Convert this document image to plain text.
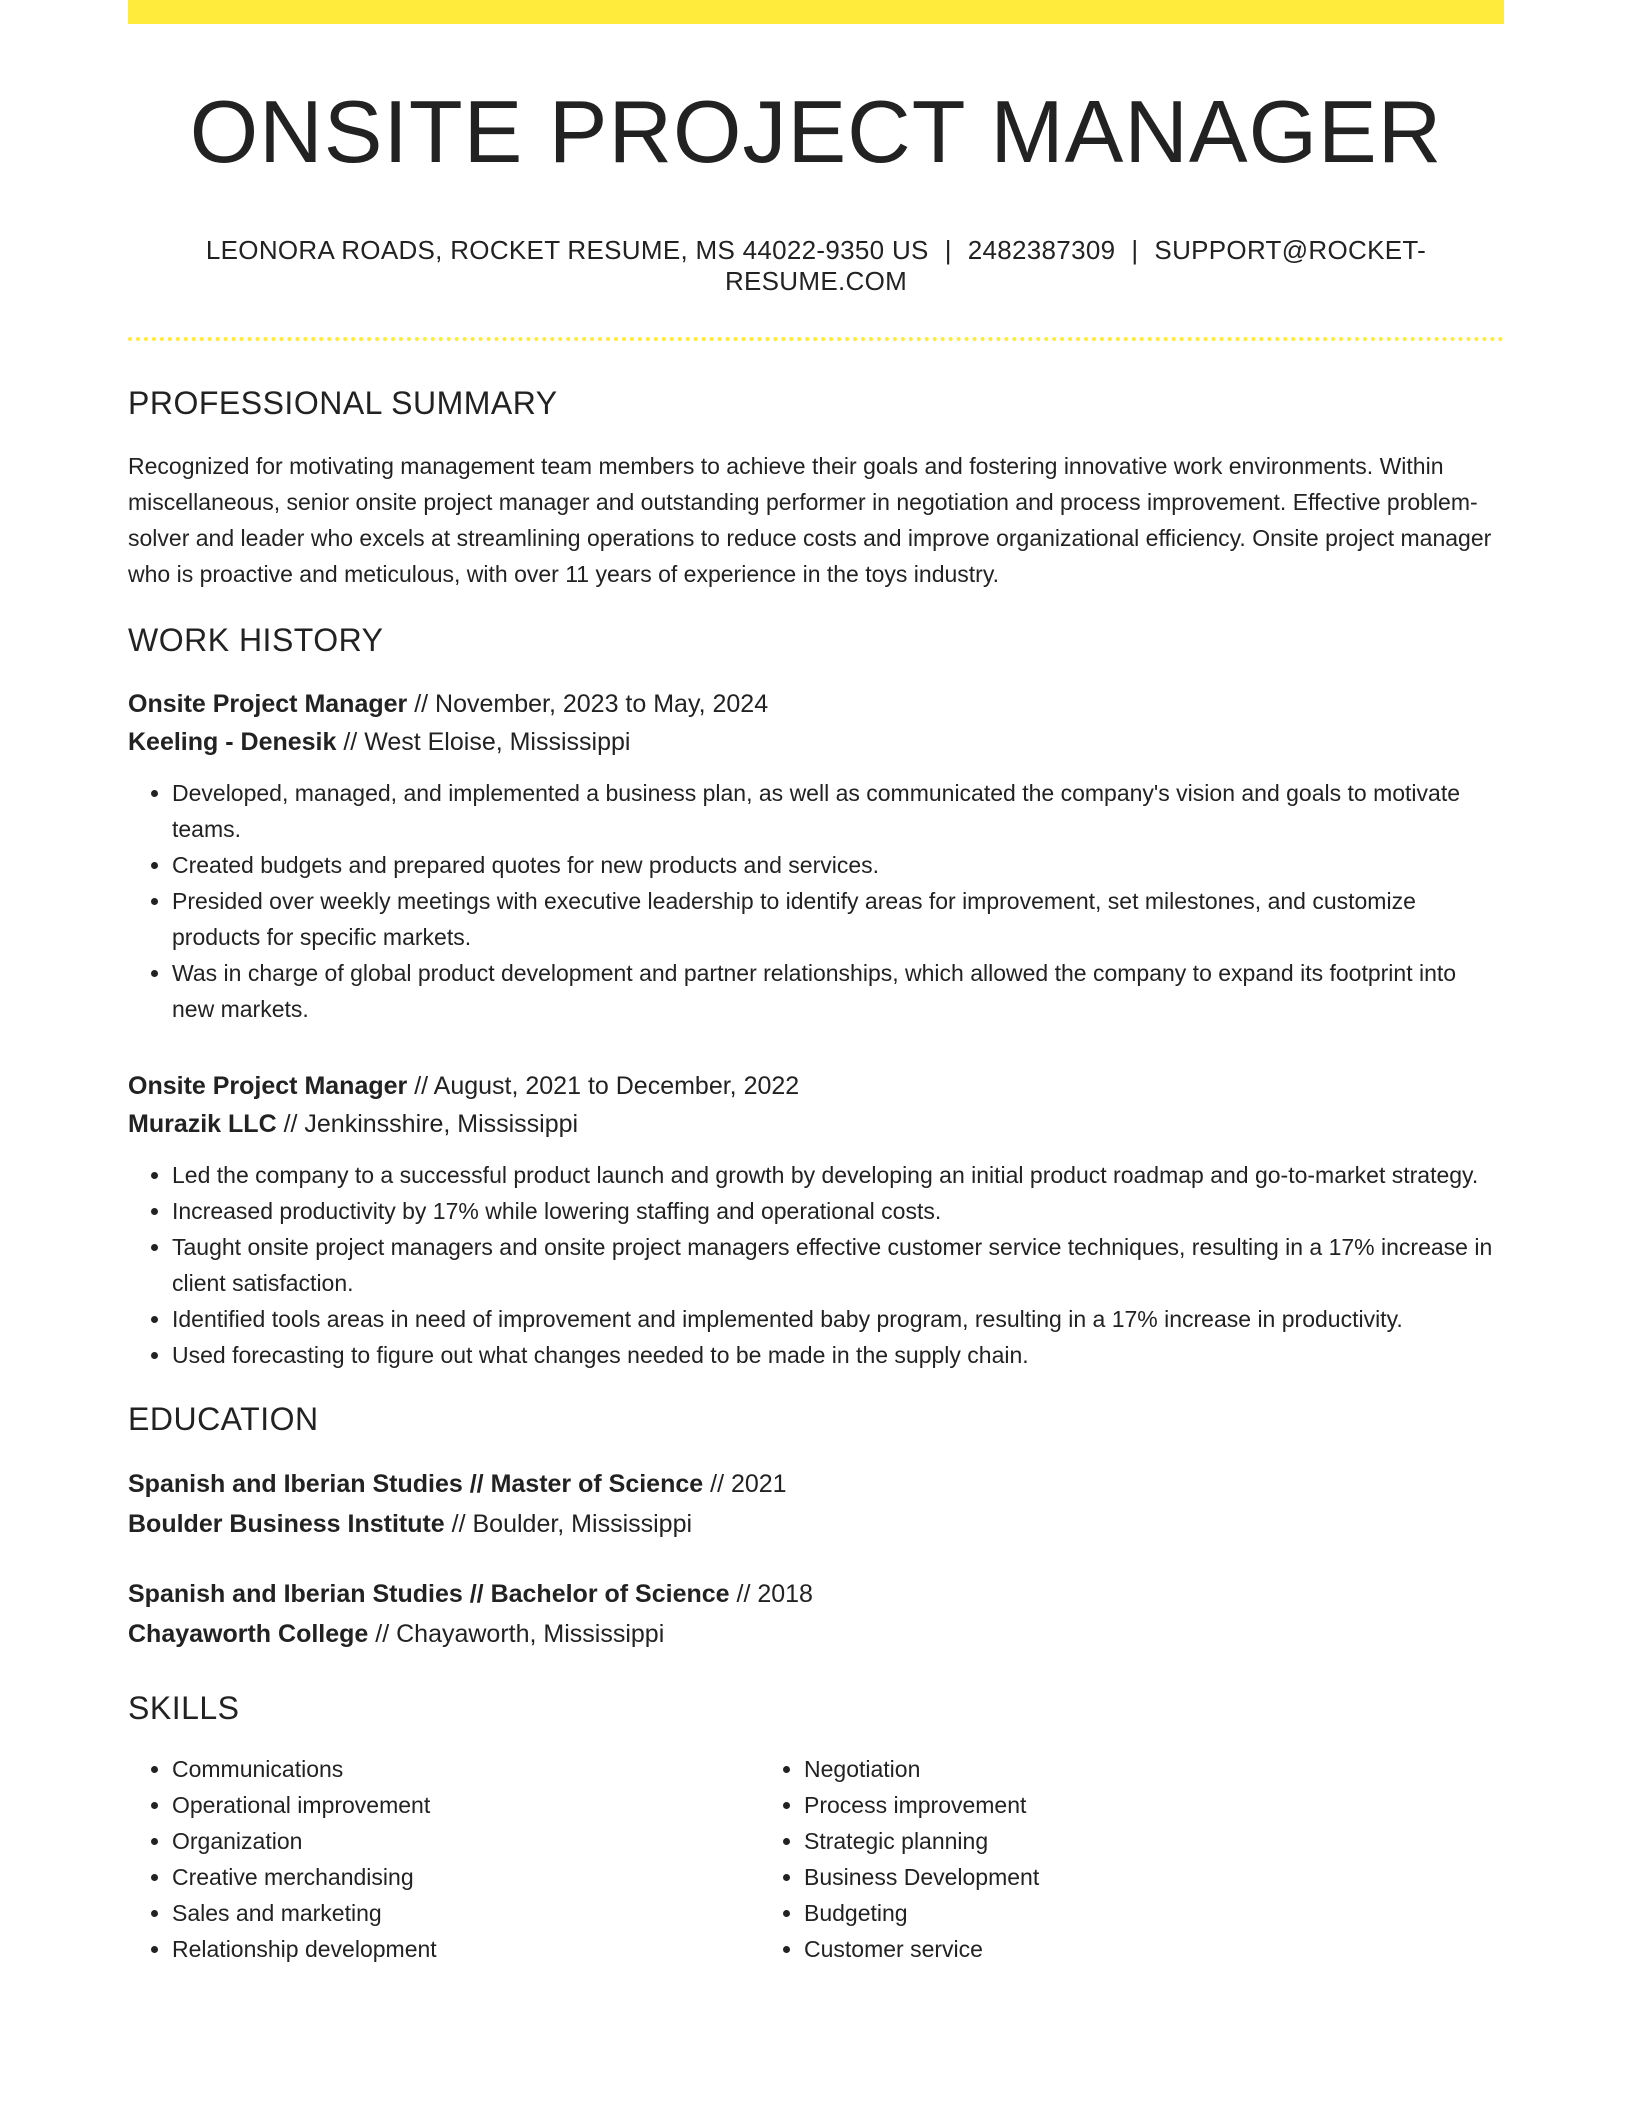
ONSITE PROJECT MANAGER
LEONORA ROADS, ROCKET RESUME, MS 44022-9350 US | 2482387309 | SUPPORT@ROCKET-RESUME.COM
PROFESSIONAL SUMMARY
Recognized for motivating management team members to achieve their goals and fostering innovative work environments. Within miscellaneous, senior onsite project manager and outstanding performer in negotiation and process improvement. Effective problem-solver and leader who excels at streamlining operations to reduce costs and improve organizational efficiency. Onsite project manager who is proactive and meticulous, with over 11 years of experience in the toys industry.
WORK HISTORY
Onsite Project Manager // November, 2023 to May, 2024
Keeling - Denesik // West Eloise, Mississippi
• Developed, managed, and implemented a business plan, as well as communicated the company's vision and goals to motivate teams.
• Created budgets and prepared quotes for new products and services.
• Presided over weekly meetings with executive leadership to identify areas for improvement, set milestones, and customize products for specific markets.
• Was in charge of global product development and partner relationships, which allowed the company to expand its footprint into new markets.
Onsite Project Manager // August, 2021 to December, 2022
Murazik LLC // Jenkinsshire, Mississippi
• Led the company to a successful product launch and growth by developing an initial product roadmap and go-to-market strategy.
• Increased productivity by 17% while lowering staffing and operational costs.
• Taught onsite project managers and onsite project managers effective customer service techniques, resulting in a 17% increase in client satisfaction.
• Identified tools areas in need of improvement and implemented baby program, resulting in a 17% increase in productivity.
• Used forecasting to figure out what changes needed to be made in the supply chain.
EDUCATION
Spanish and Iberian Studies // Master of Science // 2021
Boulder Business Institute // Boulder, Mississippi
Spanish and Iberian Studies // Bachelor of Science // 2018
Chayaworth College // Chayaworth, Mississippi
SKILLS
• Communications
• Operational improvement
• Organization
• Creative merchandising
• Sales and marketing
• Relationship development
• Negotiation
• Process improvement
• Strategic planning
• Business Development
• Budgeting
• Customer service
